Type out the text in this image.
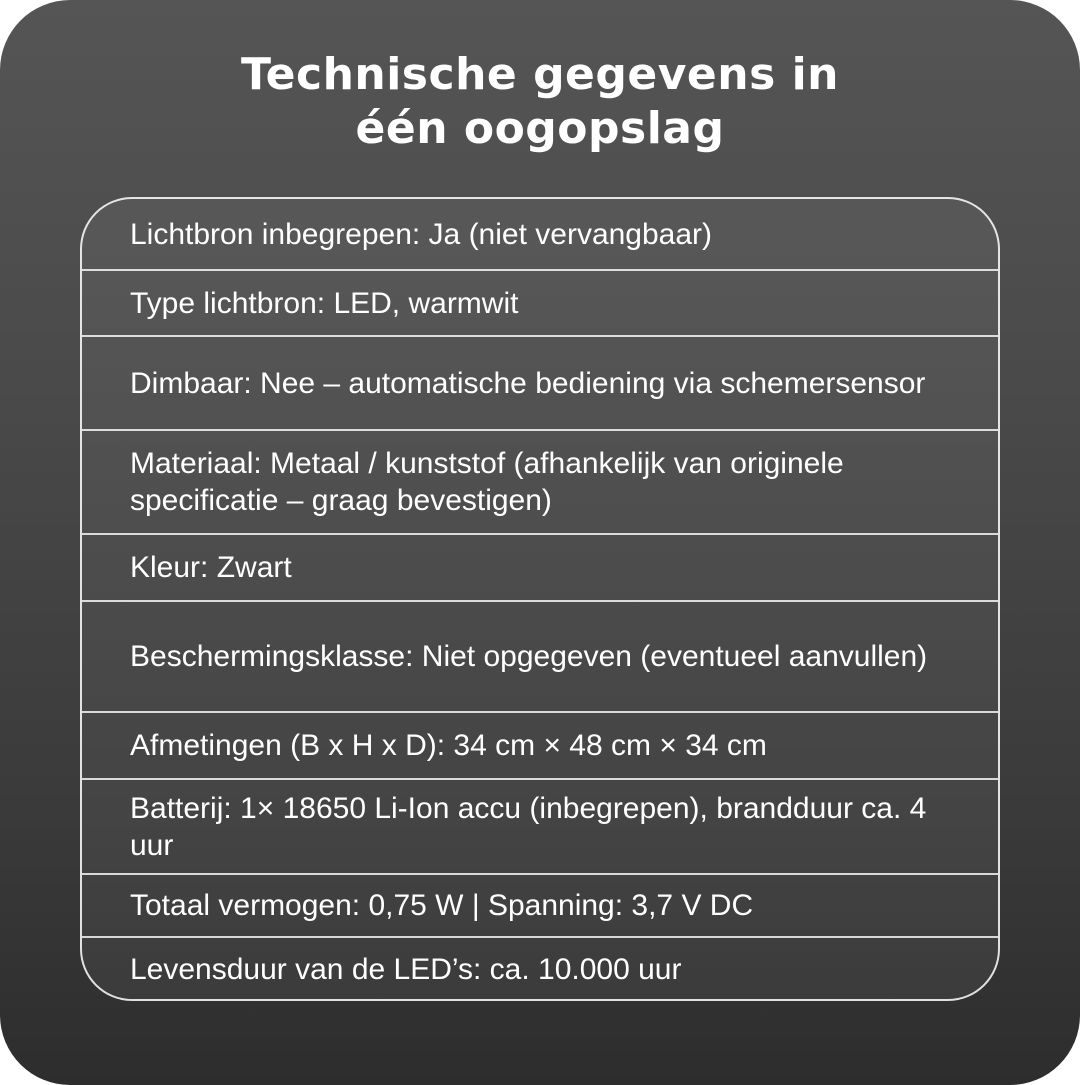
Technische gegevens in
één oogopslag
Lichtbron inbegrepen: Ja (niet vervangbaar)
Type lichtbron: LED, warmwit
Dimbaar: Nee – automatische bediening via schemersensor
Materiaal: Metaal / kunststof (afhankelijk van originele specificatie – graag bevestigen)
Kleur: Zwart
Beschermingsklasse: Niet opgegeven (eventueel aanvullen)
Afmetingen (B x H x D): 34 cm × 48 cm × 34 cm
Batterij: 1× 18650 Li-Ion accu (inbegrepen), brandduur ca. 4 uur
Totaal vermogen: 0,75 W | Spanning: 3,7 V DC
Levensduur van de LED’s: ca. 10.000 uur
